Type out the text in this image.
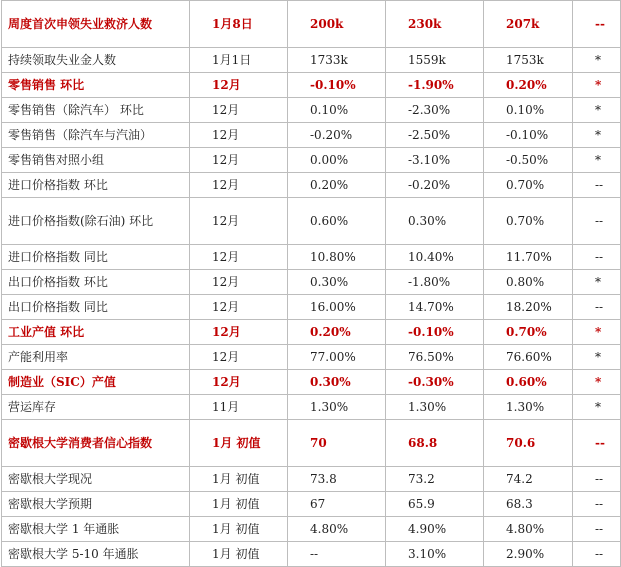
周度首次申领失业救济人数	1月8日	200k	230k	207k	--
持续领取失业金人数	1月1日	1733k	1559k	1753k	*
零售销售 环比	12月	-0.10%	-1.90%	0.20%	*
零售销售（除汽车） 环比	12月	0.10%	-2.30%	0.10%	*
零售销售（除汽车与汽油）	12月	-0.20%	-2.50%	-0.10%	*
零售销售对照小组	12月	0.00%	-3.10%	-0.50%	*
进口价格指数 环比	12月	0.20%	-0.20%	0.70%	--
进口价格指数(除石油) 环比	12月	0.60%	0.30%	0.70%	--
进口价格指数 同比	12月	10.80%	10.40%	11.70%	--
出口价格指数 环比	12月	0.30%	-1.80%	0.80%	*
出口价格指数 同比	12月	16.00%	14.70%	18.20%	--
工业产值 环比	12月	0.20%	-0.10%	0.70%	*
产能利用率	12月	77.00%	76.50%	76.60%	*
制造业（SIC）产值	12月	0.30%	-0.30%	0.60%	*
营运库存	11月	1.30%	1.30%	1.30%	*
密歇根大学消费者信心指数	1月 初值	70	68.8	70.6	--
密歇根大学现况	1月 初值	73.8	73.2	74.2	--
密歇根大学预期	1月 初值	67	65.9	68.3	--
密歇根大学 1 年通胀	1月 初值	4.80%	4.90%	4.80%	--
密歇根大学 5-10 年通胀	1月 初值	--	3.10%	2.90%	--
